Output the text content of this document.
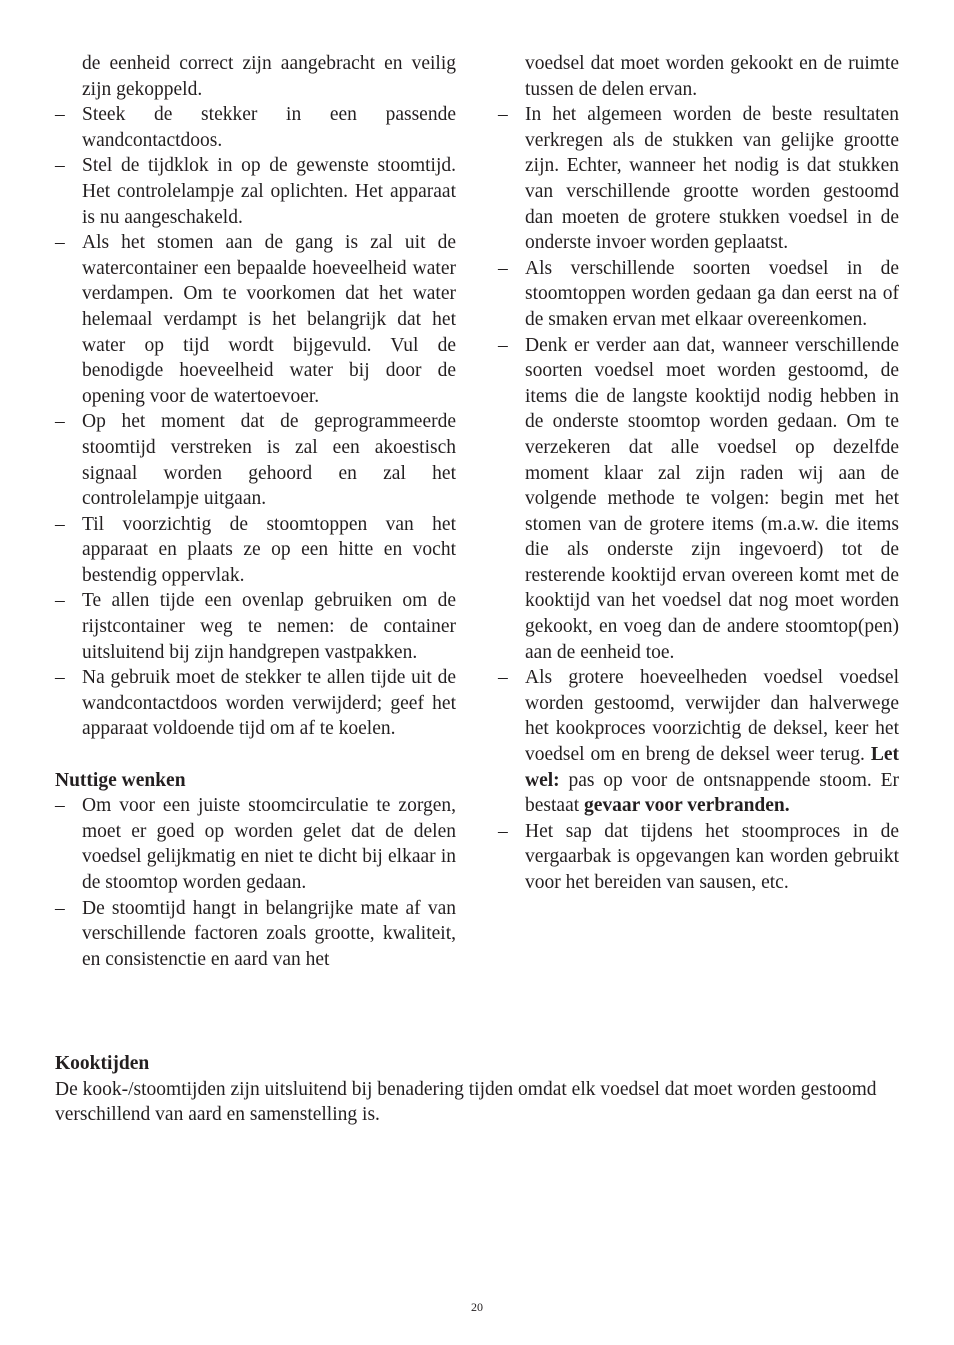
de eenheid correct zijn aangebracht en veilig zijn gekoppeld.
– Steek de stekker in een passende wandcontactdoos.
– Stel de tijdklok in op de gewenste stoomtijd. Het controlelampje zal oplichten. Het apparaat is nu aangeschakeld.
– Als het stomen aan de gang is zal uit de watercontainer een bepaalde hoeveelheid water verdampen. Om te voorkomen dat het water helemaal verdampt is het belangrijk dat het water op tijd wordt bijgevuld. Vul de benodigde hoeveelheid water bij door de opening voor de watertoevoer.
– Op het moment dat de geprogrammeerde stoomtijd verstreken is zal een akoestisch signaal worden gehoord en zal het controlelampje uitgaan.
– Til voorzichtig de stoomtoppen van het apparaat en plaats ze op een hitte en vocht bestendig oppervlak.
– Te allen tijde een ovenlap gebruiken om de rijstcontainer weg te nemen: de container uitsluitend bij zijn handgrepen vastpakken.
– Na gebruik moet de stekker te allen tijde uit de wandcontactdoos worden verwijderd; geef het apparaat voldoende tijd om af te koelen.
Nuttige wenken
– Om voor een juiste stoomcirculatie te zorgen, moet er goed op worden gelet dat de delen voedsel gelijkmatig en niet te dicht bij elkaar in de stoomtop worden gedaan.
– De stoomtijd hangt in belangrijke mate af van verschillende factoren zoals grootte, kwaliteit, en consistenctie en aard van het
voedsel dat moet worden gekookt en de ruimte tussen de delen ervan.
– In het algemeen worden de beste resultaten verkregen als de stukken van gelijke grootte zijn. Echter, wanneer het nodig is dat stukken van verschillende grootte worden gestoomd dan moeten de grotere stukken voedsel in de onderste invoer worden geplaatst.
– Als verschillende soorten voedsel in de stoomtoppen worden gedaan ga dan eerst na of de smaken ervan met elkaar overeenkomen.
– Denk er verder aan dat, wanneer verschillende soorten voedsel moet worden gestoomd, de items die de langste kooktijd nodig hebben in de onderste stoomtop worden gedaan. Om te verzekeren dat alle voedsel op dezelfde moment klaar zal zijn raden wij aan de volgende methode te volgen: begin met het stomen van de grotere items (m.a.w. die items die als onderste zijn ingevoerd) tot de resterende kooktijd ervan overeen komt met de kooktijd van het voedsel dat nog moet worden gekookt, en voeg dan de andere stoomtop(pen) aan de eenheid toe.
– Als grotere hoeveelheden voedsel voedsel worden gestoomd, verwijder dan halverwege het kookproces voorzichtig de deksel, keer het voedsel om en breng de deksel weer terug. Let wel: pas op voor de ontsnappende stoom. Er bestaat gevaar voor verbranden.
– Het sap dat tijdens het stoomproces in de vergaarbak is opgevangen kan worden gebruikt voor het bereiden van sausen, etc.
Kooktijden
De kook-/stoomtijden zijn uitsluitend bij benadering tijden omdat elk voedsel dat moet worden gestoomd verschillend van aard en samenstelling is.
20
